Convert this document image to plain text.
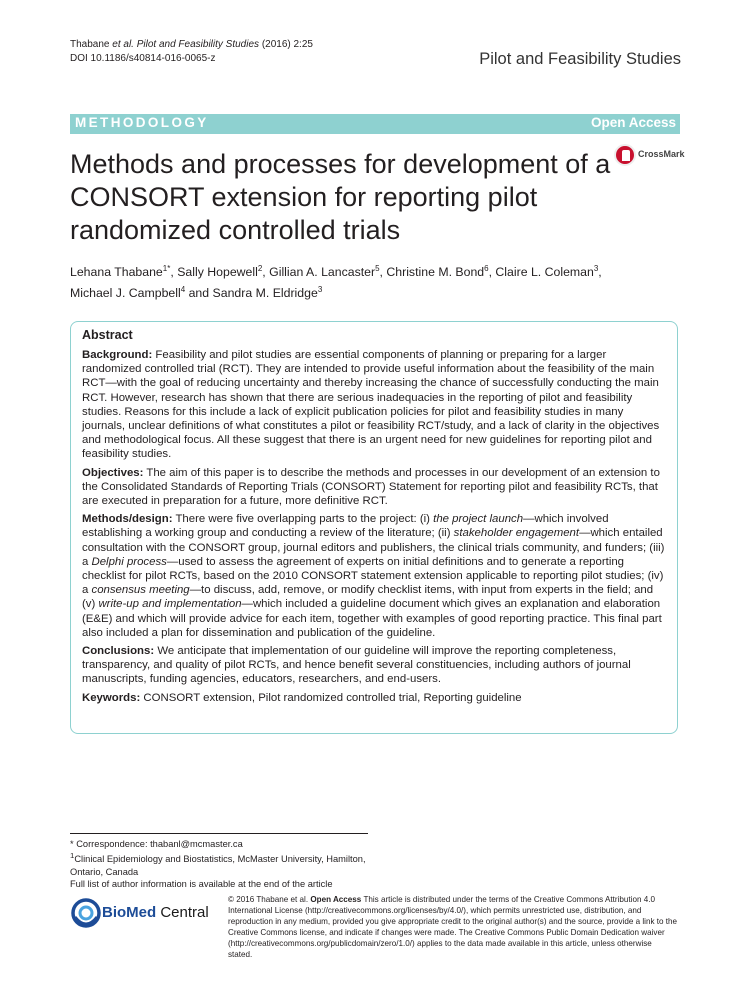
Thabane et al. Pilot and Feasibility Studies (2016) 2:25
DOI 10.1186/s40814-016-0065-z	Pilot and Feasibility Studies
METHODOLOGY	Open Access
Methods and processes for development of a CONSORT extension for reporting pilot randomized controlled trials
CrossMark
Lehana Thabane$^{1*}$, Sally Hopewell$^2$, Gillian A. Lancaster$^5$, Christine M. Bond$^6$, Claire L. Coleman$^3$,
Michael J. Campbell$^4$ and Sandra M. Eldridge$^3$
Abstract

Background: Feasibility and pilot studies are essential components of planning or preparing for a larger randomized controlled trial (RCT). They are intended to provide useful information about the feasibility of the main RCT—with the goal of reducing uncertainty and thereby increasing the chance of successfully conducting the main RCT. However, research has shown that there are serious inadequacies in the reporting of pilot and feasibility studies. Reasons for this include a lack of explicit publication policies for pilot and feasibility studies in many journals, unclear definitions of what constitutes a pilot or feasibility RCT/study, and a lack of clarity in the objectives and methodological focus. All these suggest that there is an urgent need for new guidelines for reporting pilot and feasibility studies.

Objectives: The aim of this paper is to describe the methods and processes in our development of an extension to the Consolidated Standards of Reporting Trials (CONSORT) Statement for reporting pilot and feasibility RCTs, that are executed in preparation for a future, more definitive RCT.

Methods/design: There were five overlapping parts to the project: (i) the project launch—which involved establishing a working group and conducting a review of the literature; (ii) stakeholder engagement—which entailed consultation with the CONSORT group, journal editors and publishers, the clinical trials community, and funders; (iii) a Delphi process—used to assess the agreement of experts on initial definitions and to generate a reporting checklist for pilot RCTs, based on the 2010 CONSORT statement extension applicable to reporting pilot studies; (iv) a consensus meeting—to discuss, add, remove, or modify checklist items, with input from experts in the field; and (v) write-up and implementation—which included a guideline document which gives an explanation and elaboration (E&E) and which will provide advice for each item, together with examples of good reporting practice. This final part also included a plan for dissemination and publication of the guideline.

Conclusions: We anticipate that implementation of our guideline will improve the reporting completeness, transparency, and quality of pilot RCTs, and hence benefit several constituencies, including authors of journal manuscripts, funding agencies, educators, researchers, and end-users.

Keywords: CONSORT extension, Pilot randomized controlled trial, Reporting guideline

* Correspondence: thabanl@mcmaster.ca
$^1$Clinical Epidemiology and Biostatistics, McMaster University, Hamilton, Ontario, Canada
Full list of author information is available at the end of the article
BioMed Central
© 2016 Thabane et al. Open Access This article is distributed under the terms of the Creative Commons Attribution 4.0 International License (http://creativecommons.org/licenses/by/4.0/), which permits unrestricted use, distribution, and reproduction in any medium, provided you give appropriate credit to the original author(s) and the source, provide a link to the Creative Commons license, and indicate if changes were made. The Creative Commons Public Domain Dedication waiver (http://creativecommons.org/publicdomain/zero/1.0/) applies to the data made available in this article, unless otherwise stated.
